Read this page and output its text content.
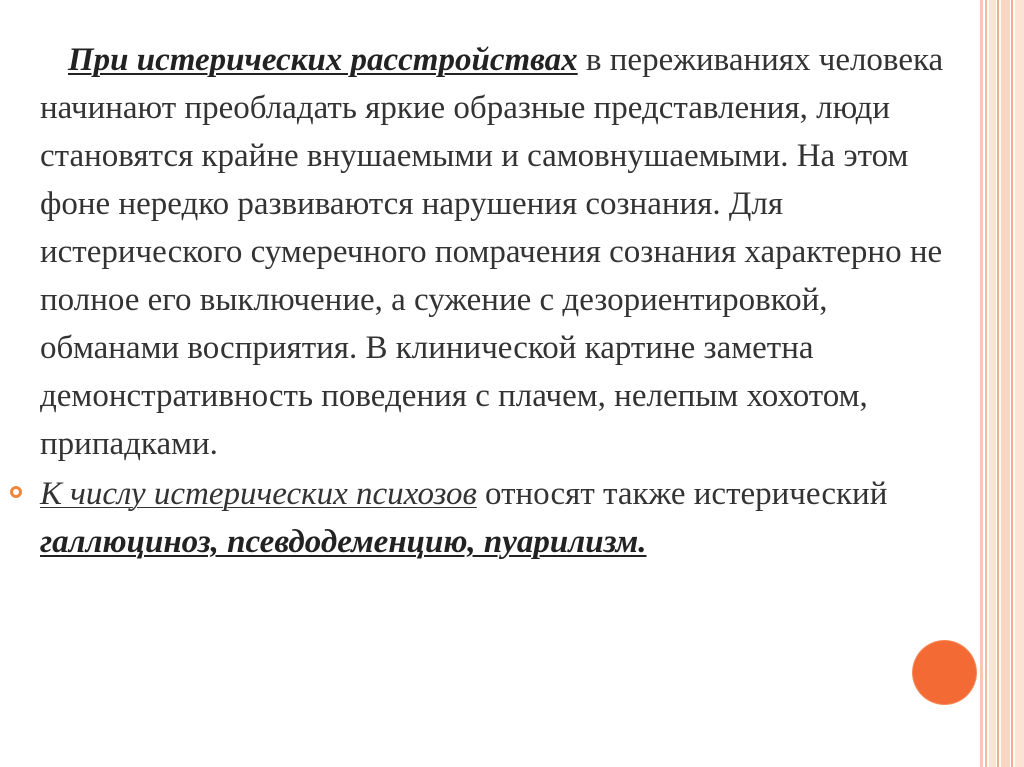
При истерических расстройствах в переживаниях человека начинают преобладать яркие образные представления, люди становятся крайне внушаемыми и самовнушаемыми. На этом фоне нередко развиваются нарушения сознания. Для истерического сумеречного помрачения сознания характерно не полное его выключение, а сужение с дезориентировкой, обманами восприятия. В клинической картине заметна демонстративность поведения с плачем, нелепым хохотом, припадками.

К числу истерических психозов относят также истерический галлюциноз, псевдодеменцию, пуарилизм.
